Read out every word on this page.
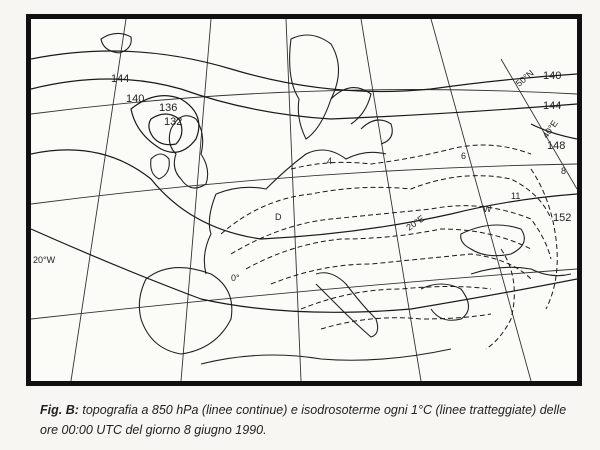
144
140
136
132
140
144
148
152
50°N
20°W
20°E
0°
40°E
6
4
11
8
W
D
Fig. B: topografia a 850 hPa (linee continue) e isodrosoterme ogni 1°C (linee tratteggiate) delle ore 00:00 UTC del giorno 8 giugno 1990.
